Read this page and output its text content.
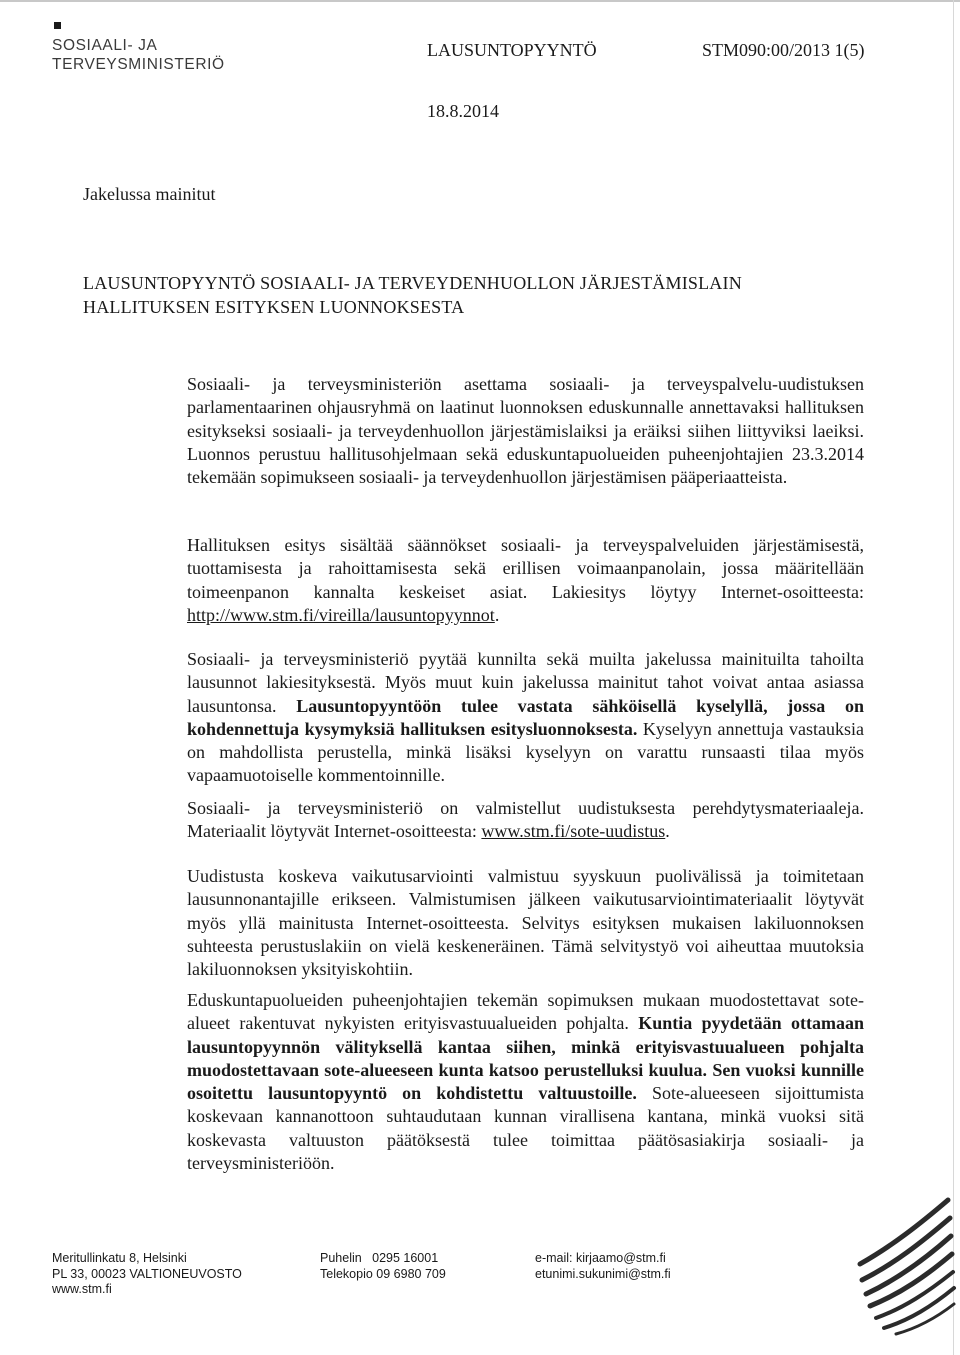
SOSIAALI- JA
TERVEYSMINISTERIÖ
LAUSUNTOPYYNTÖ	STM090:00/2013 1(5)
18.8.2014
Jakelussa mainitut
LAUSUNTOPYYNTÖ SOSIAALI- JA TERVEYDENHUOLLON JÄRJESTÄMISLAIN
HALLITUKSEN ESITYKSEN LUONNOKSESTA
Sosiaali- ja terveysministeriön asettama sosiaali- ja terveyspalvelu-uudistuksen parlamentaarinen ohjausryhmä on laatinut luonnoksen eduskunnalle annettavaksi hallituksen esitykseksi sosiaali- ja terveydenhuollon järjestämislaiksi ja eräiksi siihen liittyviksi laeiksi. Luonnos perustuu hallitusohjelmaan sekä eduskuntapuolueiden puheenjohtajien 23.3.2014 tekemään sopimukseen sosiaali- ja terveydenhuollon järjestämisen pääperiaatteista.
Hallituksen esitys sisältää säännökset sosiaali- ja terveyspalveluiden järjestämisestä, tuottamisesta ja rahoittamisesta sekä erillisen voimaanpanolain, jossa määritellään toimeenpanon kannalta keskeiset asiat. Lakiesitys löytyy Internet-osoitteesta: http://www.stm.fi/vireilla/lausuntopyynnot.
Sosiaali- ja terveysministeriö pyytää kunnilta sekä muilta jakelussa mainituilta tahoilta lausunnot lakiesityksestä. Myös muut kuin jakelussa mainitut tahot voivat antaa asiassa lausuntonsa. Lausuntopyyntöön tulee vastata sähköisellä kyselyllä, jossa on kohdennettuja kysymyksiä hallituksen esitysluonnoksesta. Kyselyyn annettuja vastauksia on mahdollista perustella, minkä lisäksi kyselyyn on varattu runsaasti tilaa myös vapaamuotoiselle kommentoinnille.
Sosiaali- ja terveysministeriö on valmistellut uudistuksesta perehdytysmateriaaleja. Materiaalit löytyvät Internet-osoitteesta: www.stm.fi/sote-uudistus.
Uudistusta koskeva vaikutusarviointi valmistuu syyskuun puolivälissä ja toimitetaan lausunnonantajille erikseen. Valmistumisen jälkeen vaikutusarviointimateriaalit löytyvät myös yllä mainitusta Internet-osoitteesta. Selvitys esityksen mukaisen lakiluonnoksen suhteesta perustuslakiin on vielä keskeneräinen. Tämä selvitystyö voi aiheuttaa muutoksia lakiluonnoksen yksityiskohtiin.
Eduskuntapuolueiden puheenjohtajien tekemän sopimuksen mukaan muodostettavat sote-alueet rakentuvat nykyisten erityisvastuualueiden pohjalta. Kuntia pyydetään ottamaan lausuntopyynnön välityksellä kantaa siihen, minkä erityisvastuualueen pohjalta muodostettavaan sote-alueeseen kunta katsoo perustelluksi kuulua. Sen vuoksi kunnille osoitettu lausuntopyyntö on kohdistettu valtuustoille. Sote-alueeseen sijoittumista koskevaan kannanottoon suhtaudutaan kunnan virallisena kantana, minkä vuoksi sitä koskevasta valtuuston päätöksestä tulee toimittaa päätösasiakirja sosiaali- ja terveysministeriöön.
Meritullinkatu 8, Helsinki
PL 33, 00023 VALTIONEUVOSTO
www.stm.fi
Puhelin   0295 16001
Telekopio 09 6980 709
e-mail: kirjaamo@stm.fi
etunimi.sukunimi@stm.fi
